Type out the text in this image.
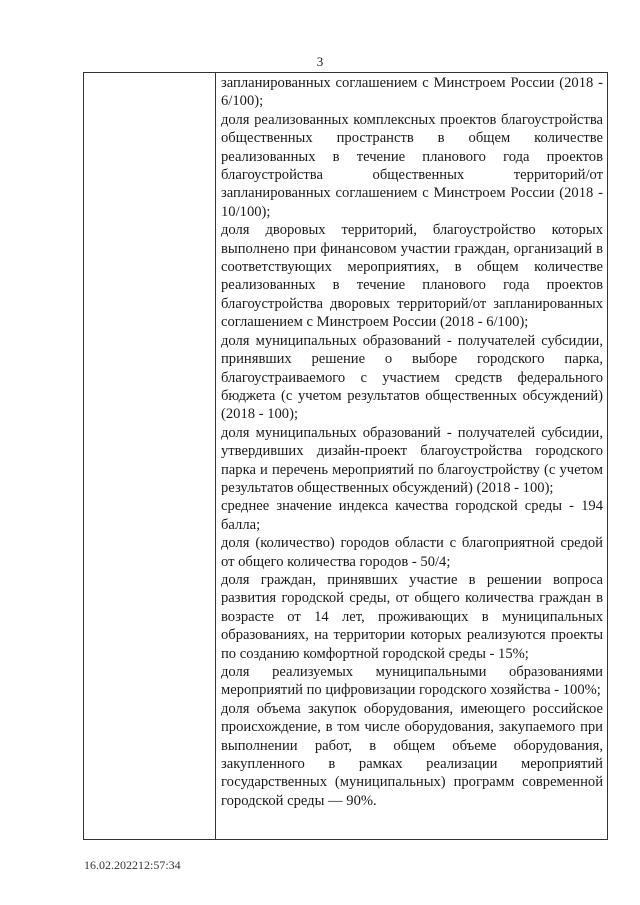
3

запланированных соглашением с Минстроем России (2018 - 6/100);

доля реализованных комплексных проектов благоустройства общественных пространств в общем количестве реализованных в течение планового года проектов благоустройства общественных территорий/от запланированных соглашением с Минстроем России (2018 - 10/100);

доля дворовых территорий, благоустройство которых выполнено при финансовом участии граждан, организаций в соответствующих мероприятиях, в общем количестве реализованных в течение планового года проектов благоустройства дворовых территорий/от запланированных соглашением с Минстроем России (2018 - 6/100);

доля муниципальных образований - получателей субсидии, принявших решение о выборе городского парка, благоустраиваемого с участием средств федерального бюджета (с учетом результатов общественных обсуждений) (2018 - 100);

доля муниципальных образований - получателей субсидии, утвердивших дизайн-проект благоустройства городского парка и перечень мероприятий по благоустройству (с учетом результатов общественных обсуждений) (2018 - 100);

среднее значение индекса качества городской среды - 194 балла;

доля (количество) городов области с благоприятной средой от общего количества городов - 50/4;

доля граждан, принявших участие в решении вопроса развития городской среды, от общего количества граждан в возрасте от 14 лет, проживающих в муниципальных образованиях, на территории которых реализуются проекты по созданию комфортной городской среды - 15%;

доля реализуемых муниципальными образованиями мероприятий по цифровизации городского хозяйства - 100%;

доля объема закупок оборудования, имеющего российское происхождение, в том числе оборудования, закупаемого при выполнении работ, в общем объеме оборудования, закупленного в рамках реализации мероприятий государственных (муниципальных) программ современной городской среды — 90%.

16.02.202212:57:34
